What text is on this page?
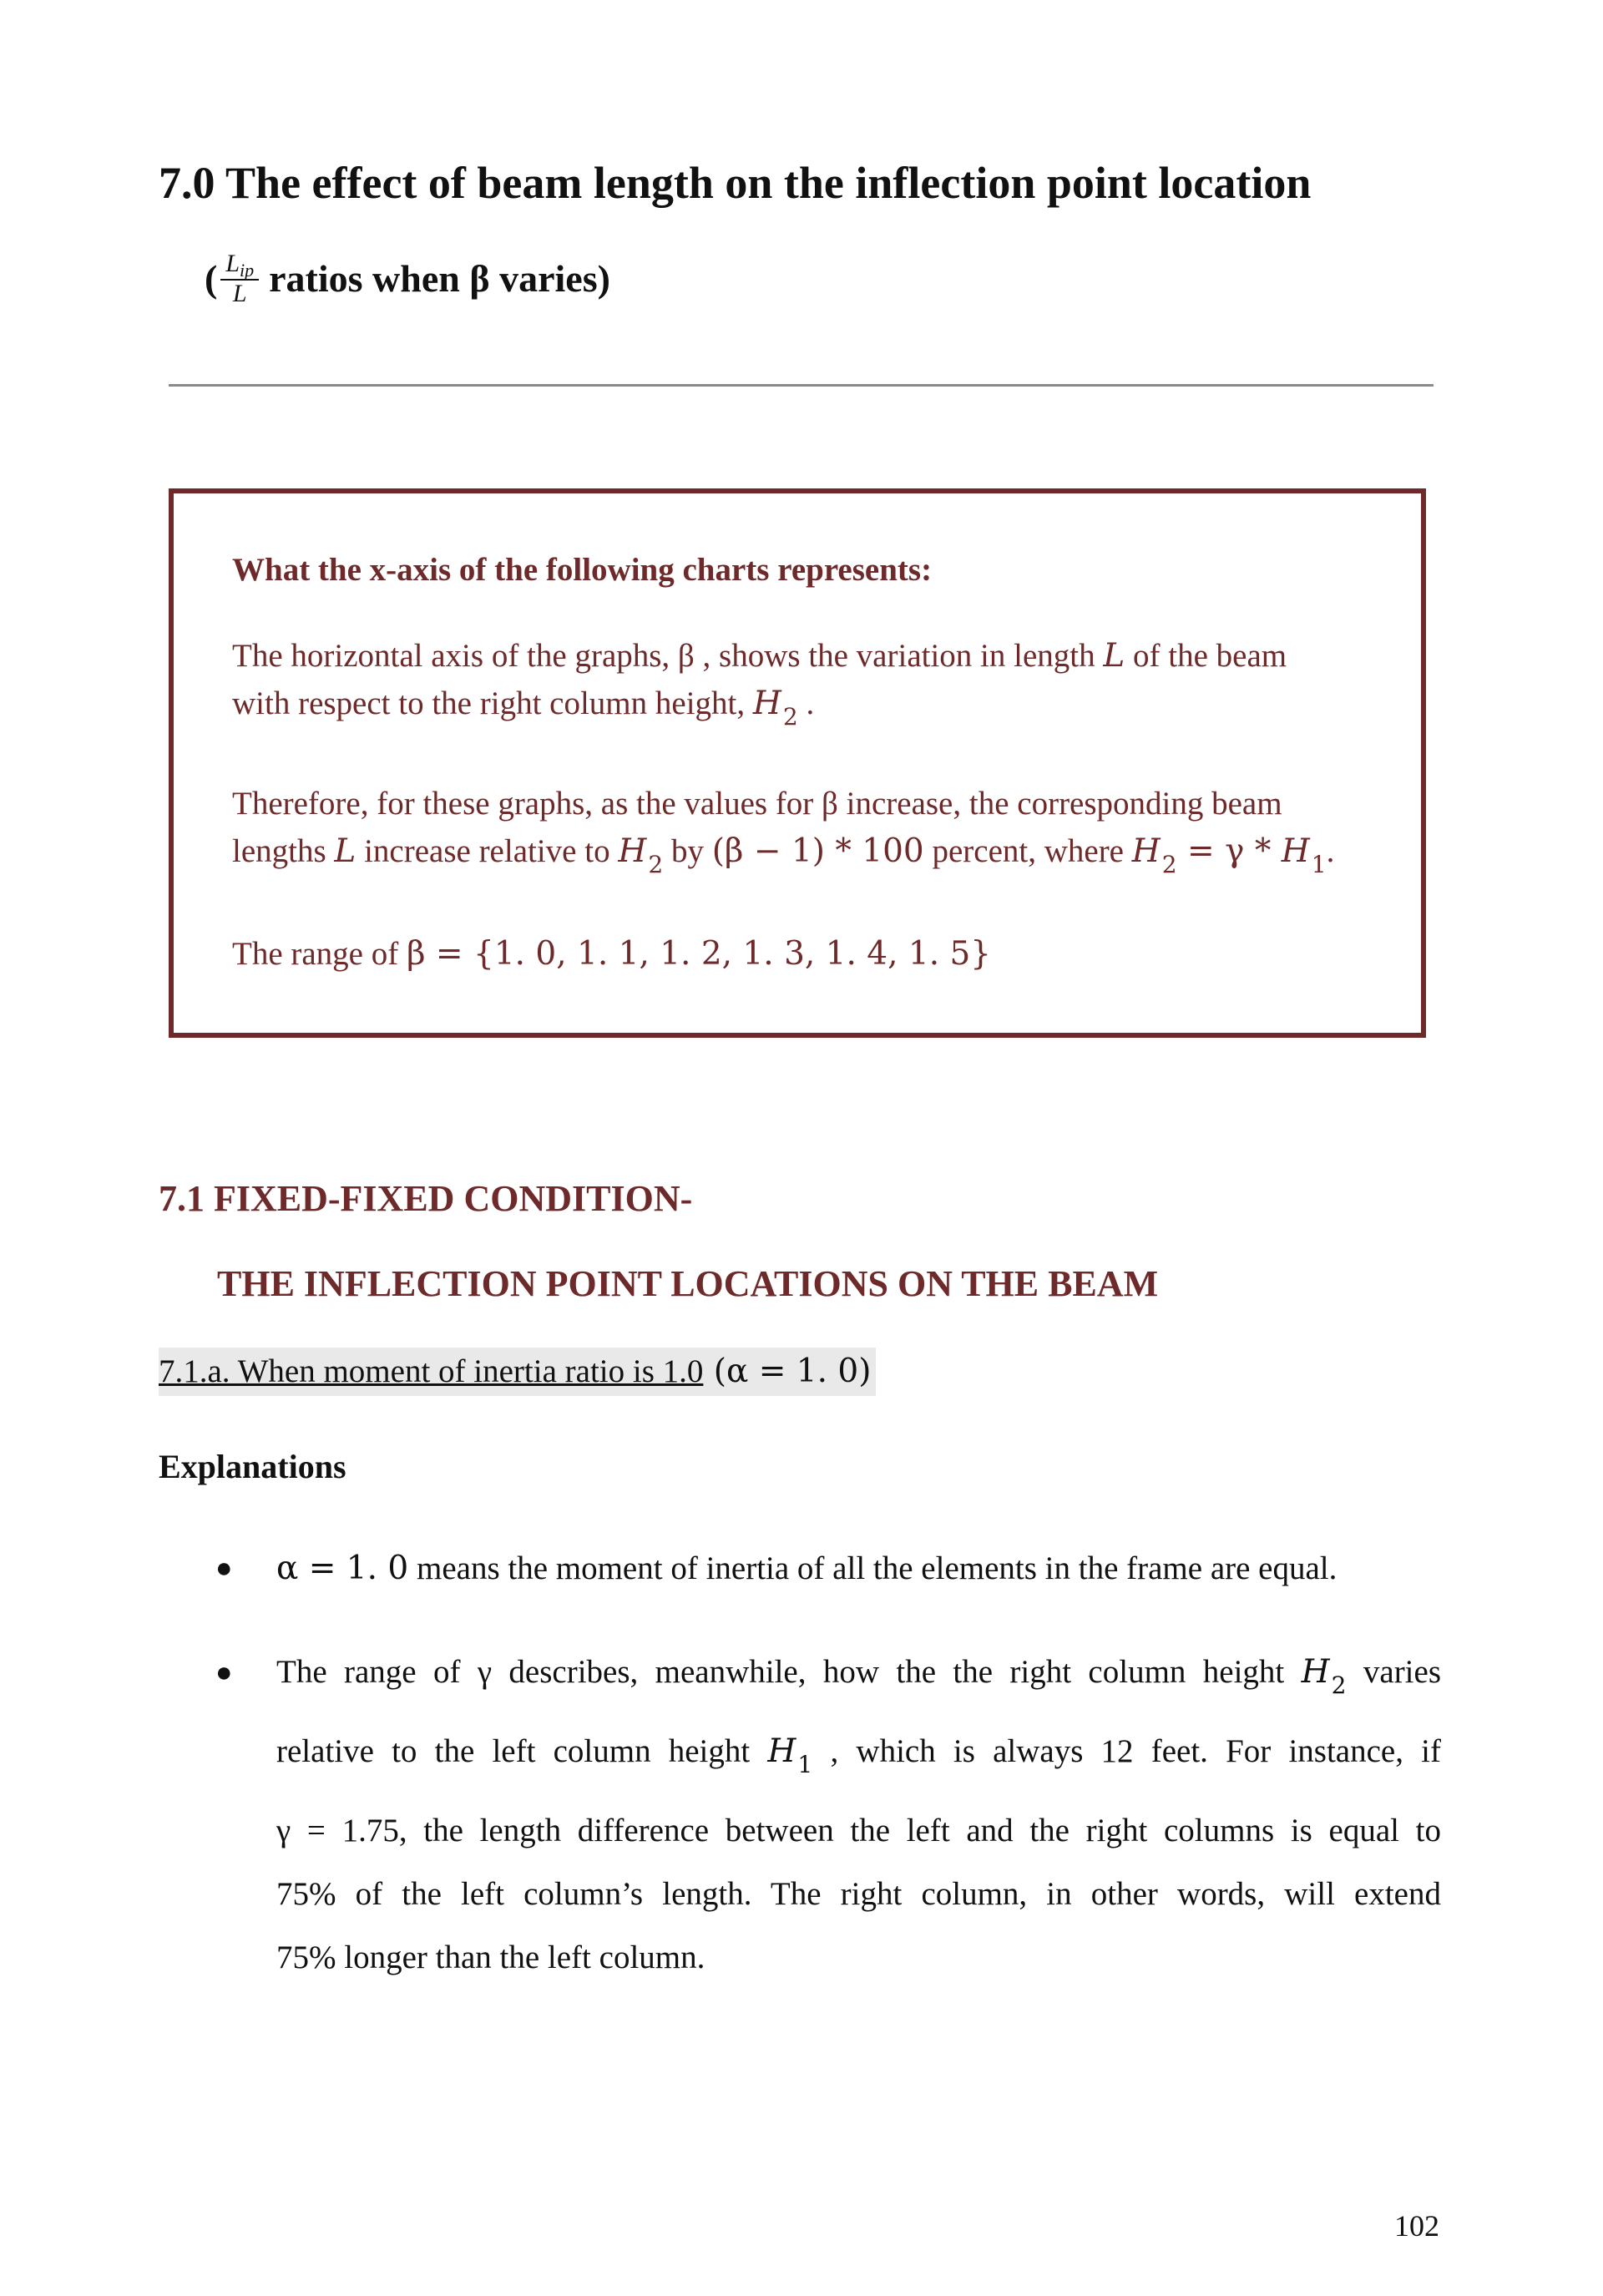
7.0 The effect of beam length on the inflection point location
( $\frac{L_{ip}}{L}$ ratios when β varies)
What the x-axis of the following charts represents:
The horizontal axis of the graphs, β , shows the variation in length L of the beam
with respect to the right column height, $H_2$ .
Therefore, for these graphs, as the values for β increase, the corresponding beam
lengths L increase relative to $H_2$ by (β − 1) * 100 percent, where $H_2 = \gamma * H_1$.
The range of β = {1. 0, 1. 1, 1. 2, 1. 3, 1. 4, 1. 5}
7.1 FIXED-FIXED CONDITION-
THE INFLECTION POINT LOCATIONS ON THE BEAM
7.1.a. When moment of inertia ratio is 1.0 (α = 1. 0)
Explanations
● α = 1. 0 means the moment of inertia of all the elements in the frame are equal.
● The range of γ describes, meanwhile, how the the right column height $H_2$ varies
relative to the left column height $H_1$ , which is always 12 feet. For instance, if
γ = 1.75, the length difference between the left and the right columns is equal to
75% of the left column’s length. The right column, in other words, will extend
75% longer than the left column.
102
